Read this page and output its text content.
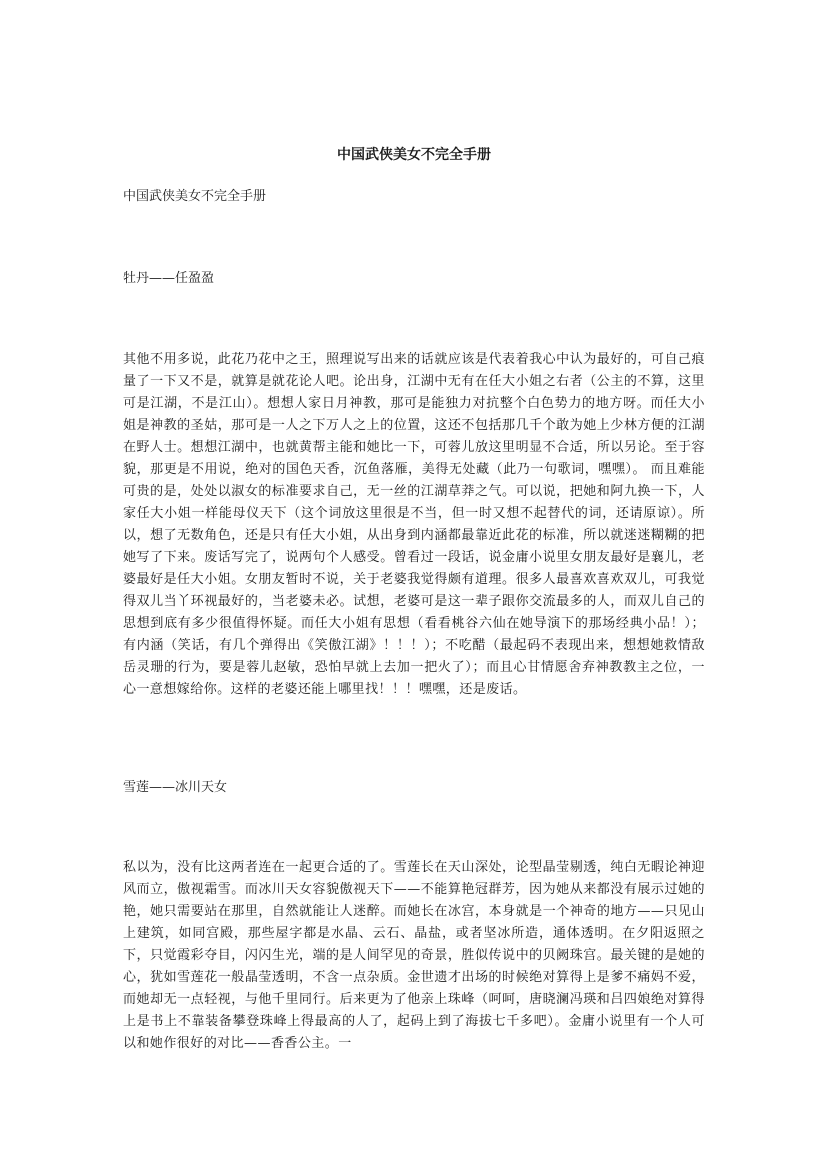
中国武侠美女不完全手册

中国武侠美女不完全手册

牡丹——任盈盈

其他不用多说，此花乃花中之王，照理说写出来的话就应该是代表着我心中认为最好的，可自己痕量了一下又不是，就算是就花论人吧。论出身，江湖中无有在任大小姐之右者（公主的不算，这里可是江湖，不是江山）。想想人家日月神教，那可是能独力对抗整个白色势力的地方呀。而任大小姐是神教的圣姑，那可是一人之下万人之上的位置，这还不包括那几千个敢为她上少林方便的江湖在野人士。想想江湖中，也就黄帮主能和她比一下，可蓉儿放这里明显不合适，所以另论。至于容貌，那更是不用说，绝对的国色天香，沉鱼落雁，美得无处藏（此乃一句歌词，嘿嘿）。 而且难能可贵的是，处处以淑女的标准要求自己，无一丝的江湖草莽之气。可以说，把她和阿九换一下，人家任大小姐一样能母仪天下（这个词放这里很是不当，但一时又想不起替代的词，还请原谅）。所以，想了无数角色，还是只有任大小姐，从出身到内涵都最靠近此花的标准，所以就迷迷糊糊的把她写了下来。废话写完了，说两句个人感受。曾看过一段话，说金庸小说里女朋友最好是襄儿，老婆最好是任大小姐。女朋友暂时不说，关于老婆我觉得颇有道理。很多人最喜欢喜欢双儿，可我觉得双儿当丫环视最好的，当老婆未必。试想，老婆可是这一辈子跟你交流最多的人，而双儿自己的思想到底有多少很值得怀疑。而任大小姐有思想（看看桃谷六仙在她导演下的那场经典小品！）；有内涵（笑话，有几个弹得出《笑傲江湖》！！！）；不吃醋（最起码不表现出来，想想她救情敌岳灵珊的行为，要是蓉儿赵敏，恐怕早就上去加一把火了）；而且心甘情愿舍弃神教教主之位，一心一意想嫁给你。这样的老婆还能上哪里找！！！嘿嘿，还是废话。

雪莲——冰川天女

私以为，没有比这两者连在一起更合适的了。雪莲长在天山深处，论型晶莹剔透，纯白无暇论神迎风而立，傲视霜雪。而冰川天女容貌傲视天下——不能算艳冠群芳，因为她从来都没有展示过她的艳，她只需要站在那里，自然就能让人迷醉。而她长在冰宫，本身就是一个神奇的地方——只见山上建筑，如同宫殿，那些屋字都是水晶、云石、晶盐，或者坚冰所造，通体透明。在夕阳返照之下，只觉霞彩夺目，闪闪生光，端的是人间罕见的奇景，胜似传说中的贝阙珠宫。最关键的是她的心，犹如雪莲花一般晶莹透明，不含一点杂质。金世遗才出场的时候绝对算得上是爹不痛妈不爱，而她却无一点轻视，与他千里同行。后来更为了他亲上珠峰（呵呵，唐晓澜冯瑛和吕四娘绝对算得上是书上不靠装备攀登珠峰上得最高的人了，起码上到了海拔七千多吧）。金庸小说里有一个人可以和她作很好的对比——香香公主。一
